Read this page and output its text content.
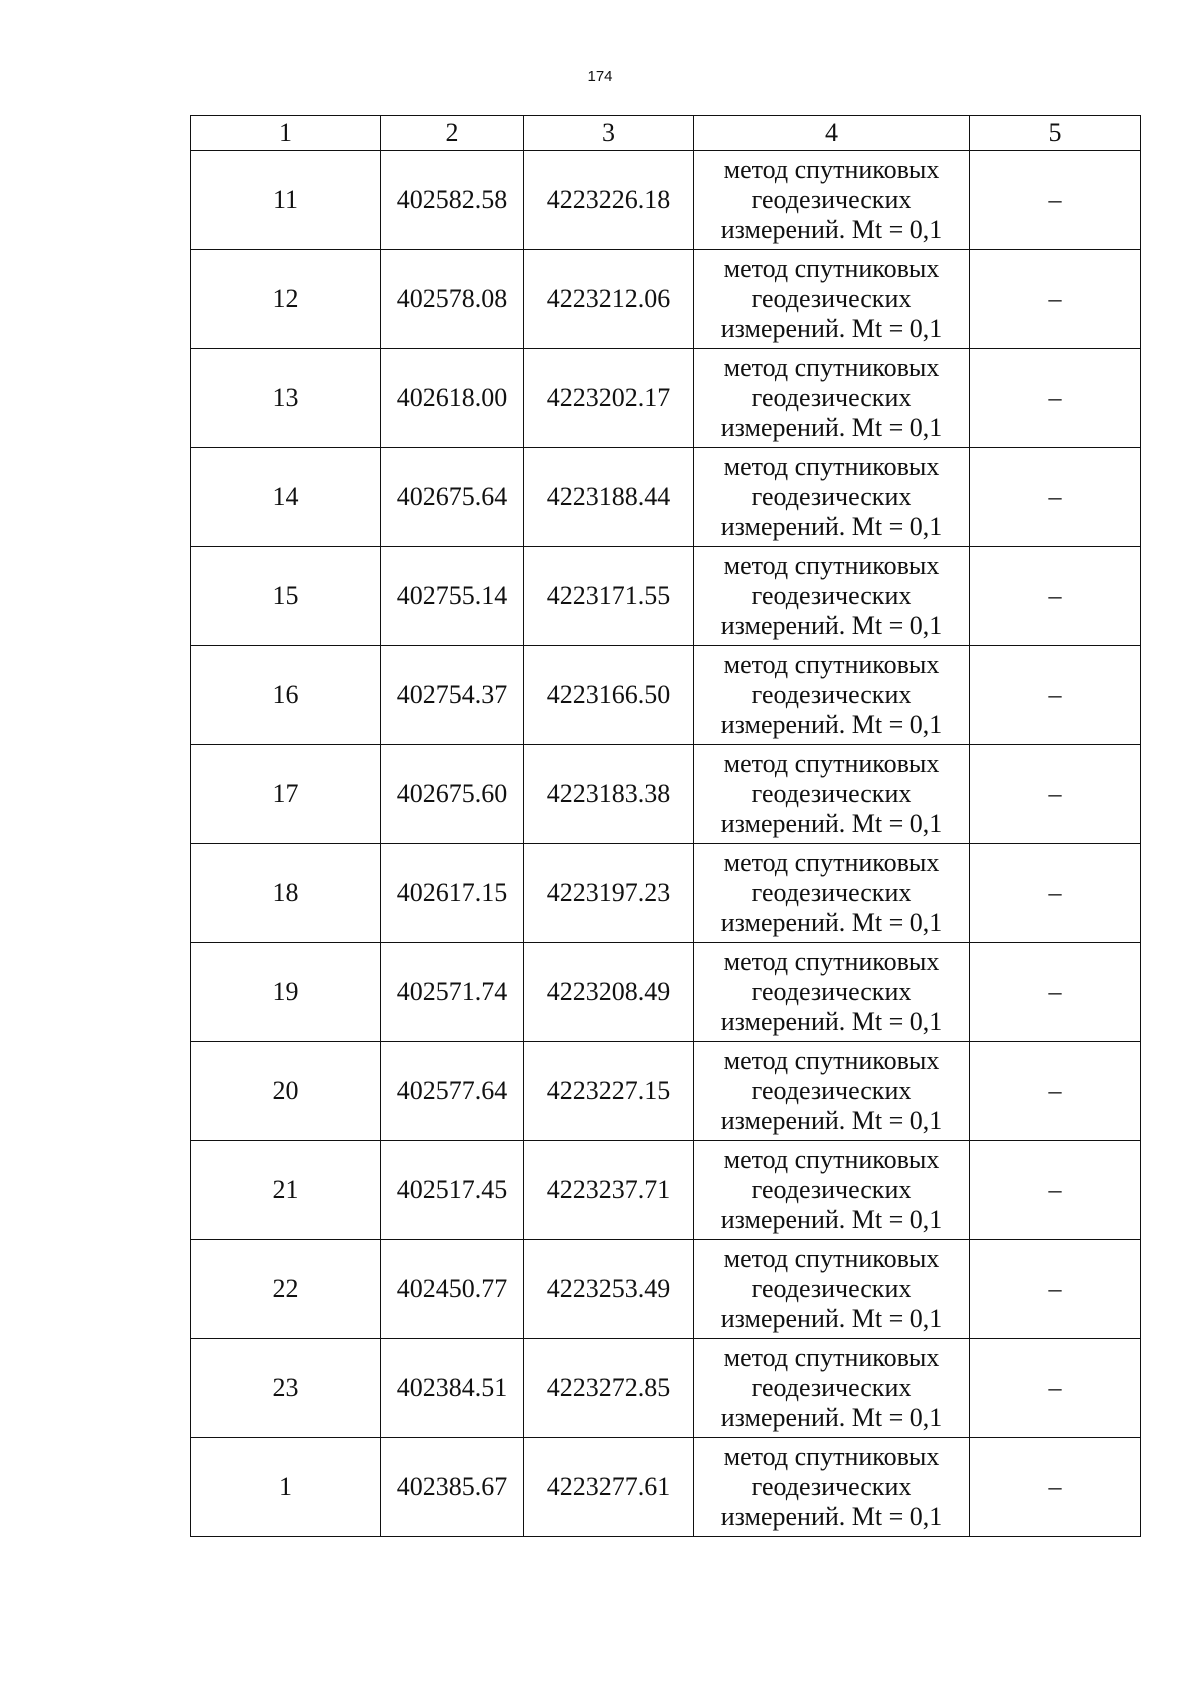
174
1	2	3	4	5
11	402582.58	4223226.18	метод спутниковых геодезических измерений. Mt = 0,1	–
12	402578.08	4223212.06	метод спутниковых геодезических измерений. Mt = 0,1	–
13	402618.00	4223202.17	метод спутниковых геодезических измерений. Mt = 0,1	–
14	402675.64	4223188.44	метод спутниковых геодезических измерений. Mt = 0,1	–
15	402755.14	4223171.55	метод спутниковых геодезических измерений. Mt = 0,1	–
16	402754.37	4223166.50	метод спутниковых геодезических измерений. Mt = 0,1	–
17	402675.60	4223183.38	метод спутниковых геодезических измерений. Mt = 0,1	–
18	402617.15	4223197.23	метод спутниковых геодезических измерений. Mt = 0,1	–
19	402571.74	4223208.49	метод спутниковых геодезических измерений. Mt = 0,1	–
20	402577.64	4223227.15	метод спутниковых геодезических измерений. Mt = 0,1	–
21	402517.45	4223237.71	метод спутниковых геодезических измерений. Mt = 0,1	–
22	402450.77	4223253.49	метод спутниковых геодезических измерений. Mt = 0,1	–
23	402384.51	4223272.85	метод спутниковых геодезических измерений. Mt = 0,1	–
1	402385.67	4223277.61	метод спутниковых геодезических измерений. Mt = 0,1	–
